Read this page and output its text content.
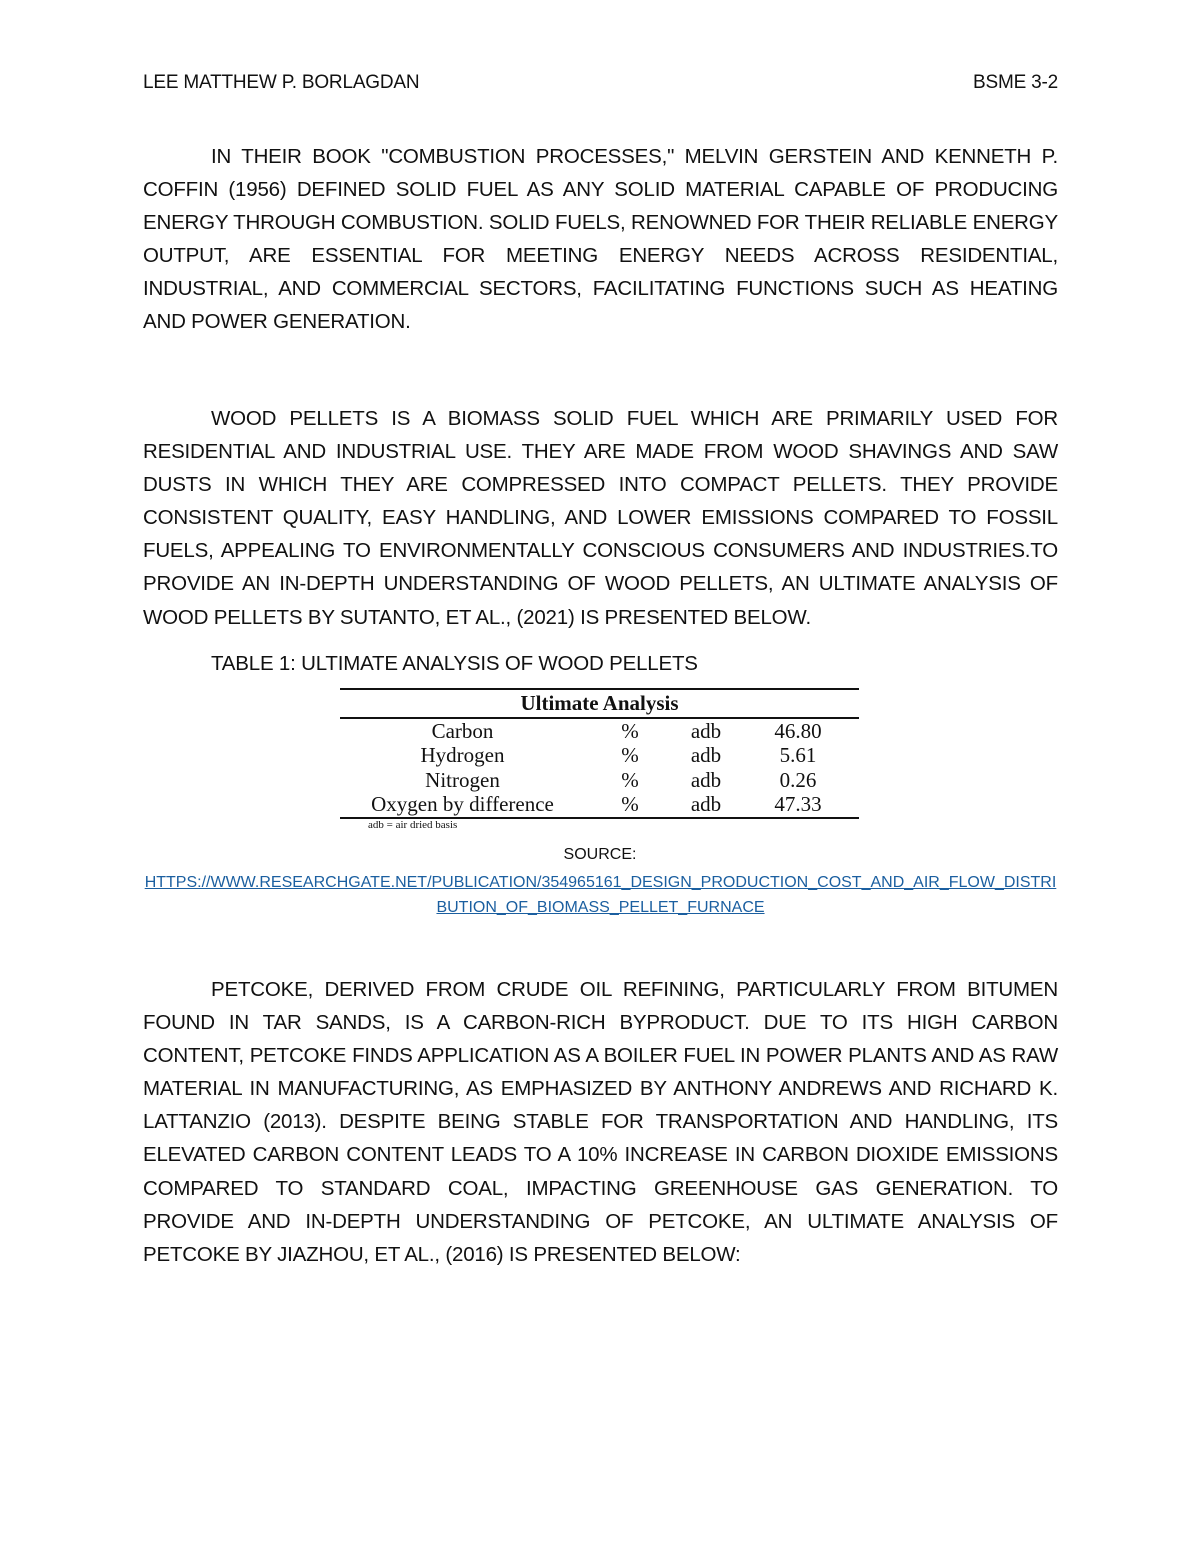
LEE MATTHEW P. BORLAGDAN	BSME 3-2

IN THEIR BOOK "COMBUSTION PROCESSES," MELVIN GERSTEIN AND KENNETH P. COFFIN (1956) DEFINED SOLID FUEL AS ANY SOLID MATERIAL CAPABLE OF PRODUCING ENERGY THROUGH COMBUSTION. SOLID FUELS, RENOWNED FOR THEIR RELIABLE ENERGY OUTPUT, ARE ESSENTIAL FOR MEETING ENERGY NEEDS ACROSS RESIDENTIAL, INDUSTRIAL, AND COMMERCIAL SECTORS, FACILITATING FUNCTIONS SUCH AS HEATING AND POWER GENERATION.

WOOD PELLETS IS A BIOMASS SOLID FUEL WHICH ARE PRIMARILY USED FOR RESIDENTIAL AND INDUSTRIAL USE. THEY ARE MADE FROM WOOD SHAVINGS AND SAW DUSTS IN WHICH THEY ARE COMPRESSED INTO COMPACT PELLETS. THEY PROVIDE CONSISTENT QUALITY, EASY HANDLING, AND LOWER EMISSIONS COMPARED TO FOSSIL FUELS, APPEALING TO ENVIRONMENTALLY CONSCIOUS CONSUMERS AND INDUSTRIES.TO PROVIDE AN IN-DEPTH UNDERSTANDING OF WOOD PELLETS, AN ULTIMATE ANALYSIS OF WOOD PELLETS BY SUTANTO, ET AL., (2021) IS PRESENTED BELOW.

TABLE 1: ULTIMATE ANALYSIS OF WOOD PELLETS
Ultimate Analysis
Carbon	%	adb	46.80
Hydrogen	%	adb	5.61
Nitrogen	%	adb	0.26
Oxygen by difference	%	adb	47.33
adb = air dried basis
SOURCE:
HTTPS://WWW.RESEARCHGATE.NET/PUBLICATION/354965161_DESIGN_PRODUCTION_COST_AND_AIR_FLOW_DISTRIBUTION_OF_BIOMASS_PELLET_FURNACE

PETCOKE, DERIVED FROM CRUDE OIL REFINING, PARTICULARLY FROM BITUMEN FOUND IN TAR SANDS, IS A CARBON-RICH BYPRODUCT. DUE TO ITS HIGH CARBON CONTENT, PETCOKE FINDS APPLICATION AS A BOILER FUEL IN POWER PLANTS AND AS RAW MATERIAL IN MANUFACTURING, AS EMPHASIZED BY ANTHONY ANDREWS AND RICHARD K. LATTANZIO (2013). DESPITE BEING STABLE FOR TRANSPORTATION AND HANDLING, ITS ELEVATED CARBON CONTENT LEADS TO A 10% INCREASE IN CARBON DIOXIDE EMISSIONS COMPARED TO STANDARD COAL, IMPACTING GREENHOUSE GAS GENERATION. TO PROVIDE AND IN-DEPTH UNDERSTANDING OF PETCOKE, AN ULTIMATE ANALYSIS OF PETCOKE BY JIAZHOU, ET AL., (2016) IS PRESENTED BELOW:
